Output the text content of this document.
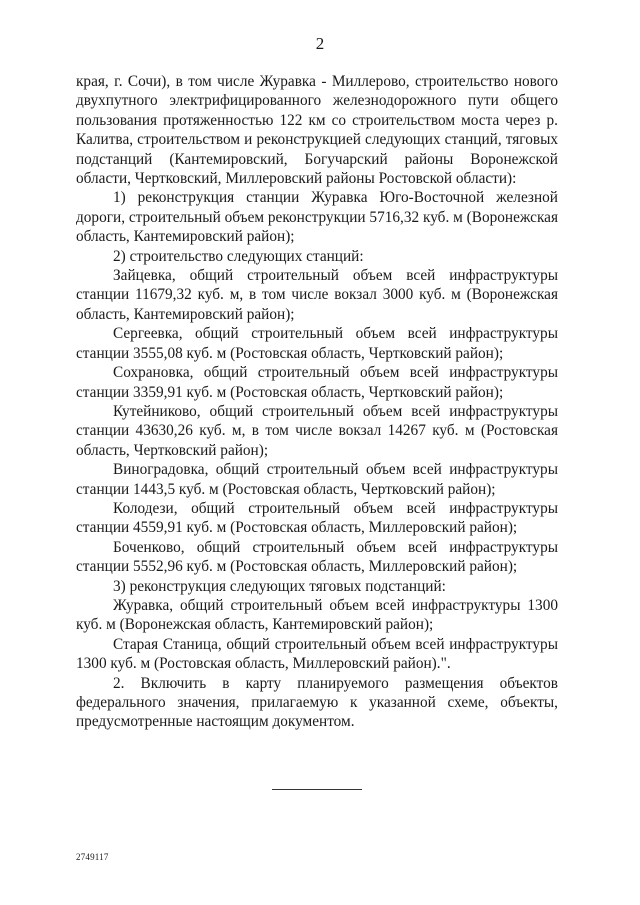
2

края, г. Сочи), в том числе Журавка - Миллерово, строительство нового двухпутного электрифицированного железнодорожного пути общего пользования протяженностью 122 км со строительством моста через р. Калитва, строительством и реконструкцией следующих станций, тяговых подстанций (Кантемировский, Богучарский районы Воронежской области, Чертковский, Миллеровский районы Ростовской области):

1) реконструкция станции Журавка Юго-Восточной железной дороги, строительный объем реконструкции 5716,32 куб. м (Воронежская область, Кантемировский район);

2) строительство следующих станций:

Зайцевка, общий строительный объем всей инфраструктуры станции 11679,32 куб. м, в том числе вокзал 3000 куб. м (Воронежская область, Кантемировский район);

Сергеевка, общий строительный объем всей инфраструктуры станции 3555,08 куб. м (Ростовская область, Чертковский район);

Сохрановка, общий строительный объем всей инфраструктуры станции 3359,91 куб. м (Ростовская область, Чертковский район);

Кутейниково, общий строительный объем всей инфраструктуры станции 43630,26 куб. м, в том числе вокзал 14267 куб. м (Ростовская область, Чертковский район);

Виноградовка, общий строительный объем всей инфраструктуры станции 1443,5 куб. м (Ростовская область, Чертковский район);

Колодези, общий строительный объем всей инфраструктуры станции 4559,91 куб. м (Ростовская область, Миллеровский район);

Боченково, общий строительный объем всей инфраструктуры станции 5552,96 куб. м (Ростовская область, Миллеровский район);

3) реконструкция следующих тяговых подстанций:

Журавка, общий строительный объем всей инфраструктуры 1300 куб. м (Воронежская область, Кантемировский район);

Старая Станица, общий строительный объем всей инфраструктуры 1300 куб. м (Ростовская область, Миллеровский район).".

2. Включить в карту планируемого размещения объектов федерального значения, прилагаемую к указанной схеме, объекты, предусмотренные настоящим документом.

2749117
